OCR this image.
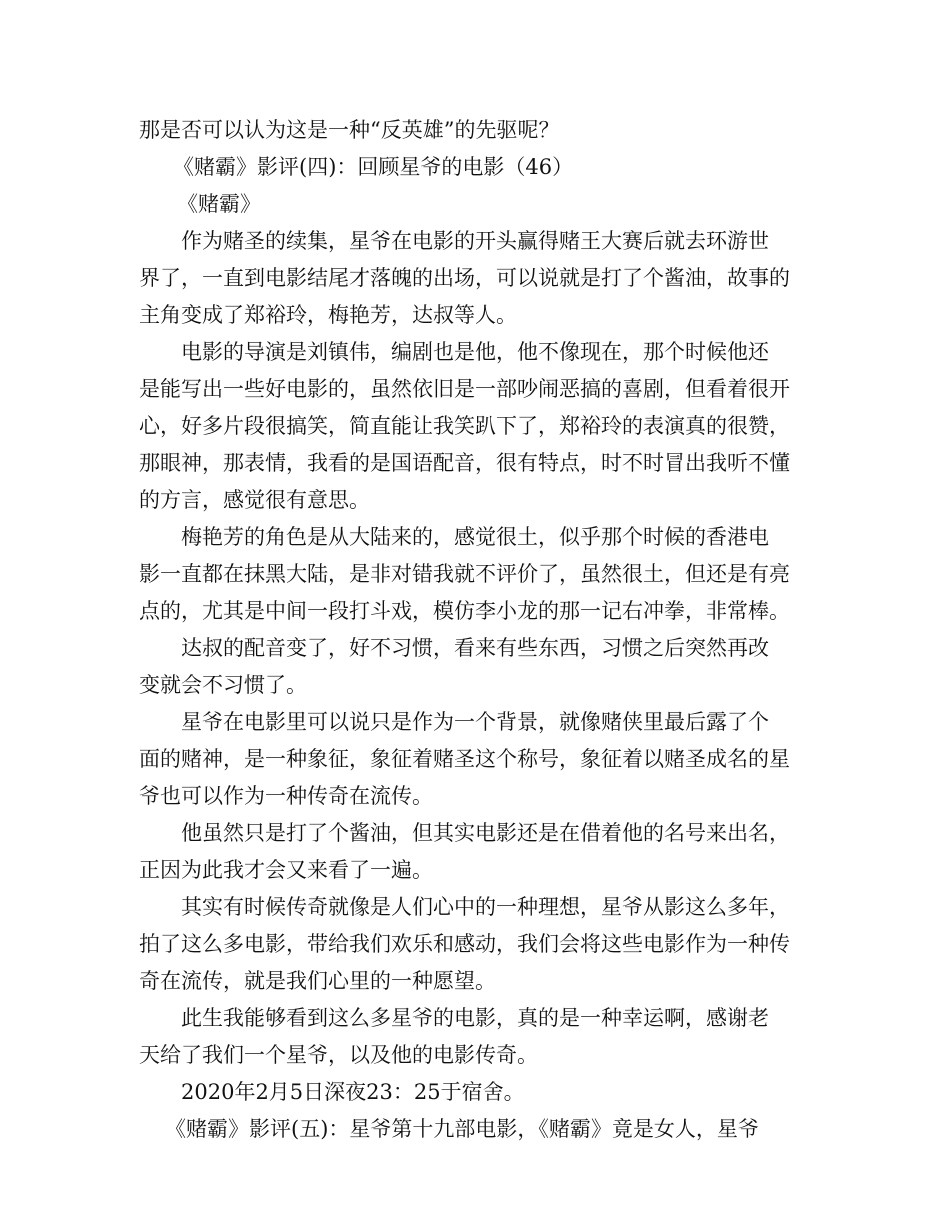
那是否可以认为这是一种“反英雄”的先驱呢？
《赌霸》影评(四)：回顾星爷的电影（46）
《赌霸》
作为赌圣的续集，星爷在电影的开头赢得赌王大赛后就去环游世
界了，一直到电影结尾才落魄的出场，可以说就是打了个酱油，故事的
主角变成了郑裕玲，梅艳芳，达叔等人。
电影的导演是刘镇伟，编剧也是他，他不像现在，那个时候他还
是能写出一些好电影的，虽然依旧是一部吵闹恶搞的喜剧，但看着很开
心，好多片段很搞笑，简直能让我笑趴下了，郑裕玲的表演真的很赞，
那眼神，那表情，我看的是国语配音，很有特点，时不时冒出我听不懂
的方言，感觉很有意思。
梅艳芳的角色是从大陆来的，感觉很土，似乎那个时候的香港电
影一直都在抹黑大陆，是非对错我就不评价了，虽然很土，但还是有亮
点的，尤其是中间一段打斗戏，模仿李小龙的那一记右冲拳，非常棒。
达叔的配音变了，好不习惯，看来有些东西，习惯之后突然再改
变就会不习惯了。
星爷在电影里可以说只是作为一个背景，就像赌侠里最后露了个
面的赌神，是一种象征，象征着赌圣这个称号，象征着以赌圣成名的星
爷也可以作为一种传奇在流传。
他虽然只是打了个酱油，但其实电影还是在借着他的名号来出名，
正因为此我才会又来看了一遍。
其实有时候传奇就像是人们心中的一种理想，星爷从影这么多年，
拍了这么多电影，带给我们欢乐和感动，我们会将这些电影作为一种传
奇在流传，就是我们心里的一种愿望。
此生我能够看到这么多星爷的电影，真的是一种幸运啊，感谢老
天给了我们一个星爷，以及他的电影传奇。
2020年2月5日深夜23：25于宿舍。
《赌霸》影评(五)：星爷第十九部电影，《赌霸》竟是女人，星爷
